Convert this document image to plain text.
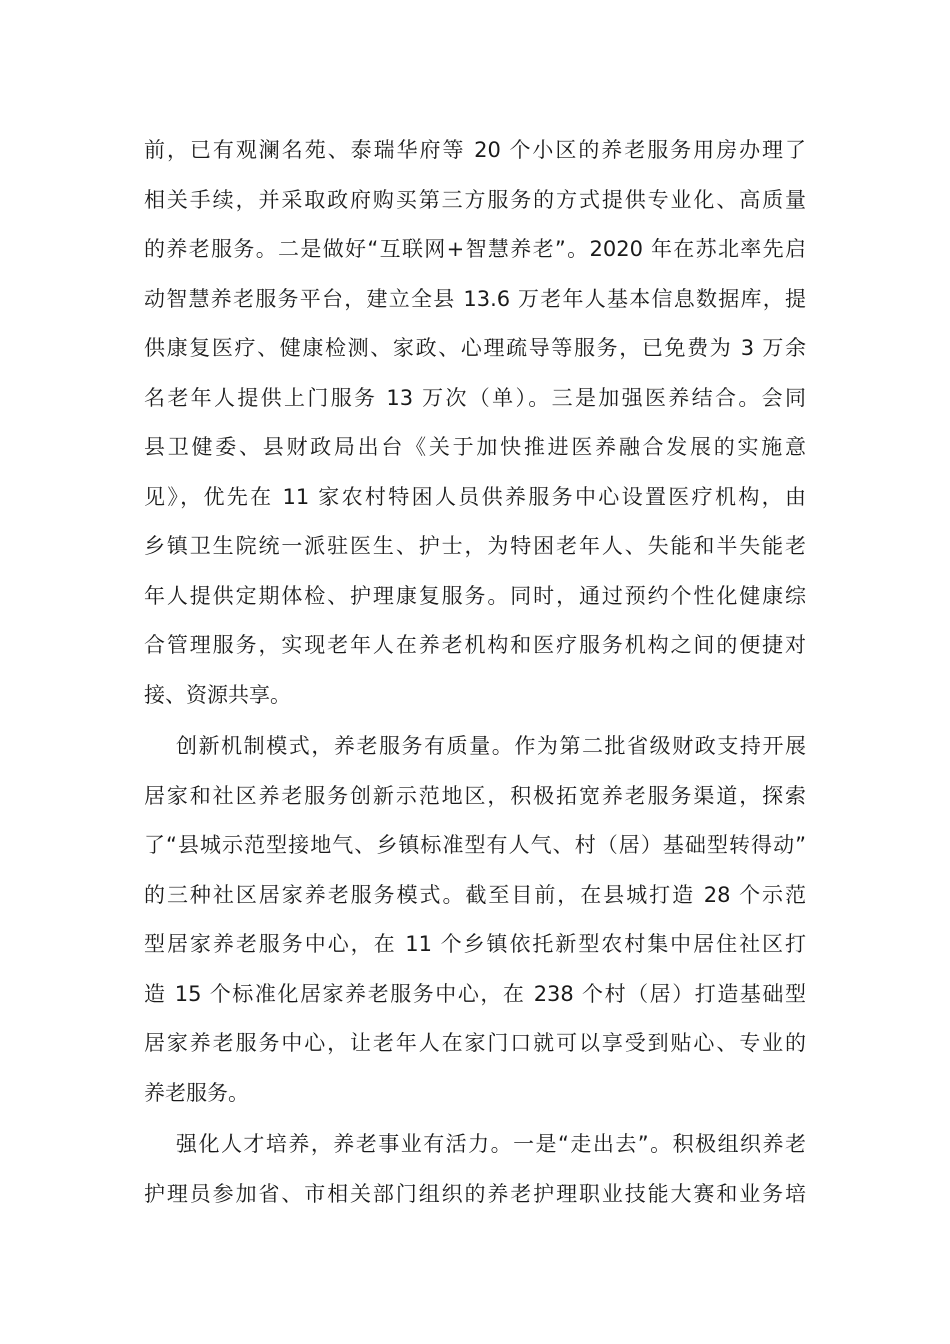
前，已有观澜名苑、泰瑞华府等 20 个小区的养老服务用房办理了
相关手续，并采取政府购买第三方服务的方式提供专业化、高质量
的养老服务。二是做好“互联网+智慧养老”。2020 年在苏北率先启
动智慧养老服务平台，建立全县 13.6 万老年人基本信息数据库，提
供康复医疗、健康检测、家政、心理疏导等服务，已免费为 3 万余
名老年人提供上门服务 13 万次（单）。三是加强医养结合。会同
县卫健委、县财政局出台《关于加快推进医养融合发展的实施意
见》，优先在 11 家农村特困人员供养服务中心设置医疗机构，由
乡镇卫生院统一派驻医生、护士，为特困老年人、失能和半失能老
年人提供定期体检、护理康复服务。同时，通过预约个性化健康综
合管理服务，实现老年人在养老机构和医疗服务机构之间的便捷对
接、资源共享。
创新机制模式，养老服务有质量。作为第二批省级财政支持开展
居家和社区养老服务创新示范地区，积极拓宽养老服务渠道，探索
了“县城示范型接地气、乡镇标准型有人气、村（居）基础型转得动”
的三种社区居家养老服务模式。截至目前，在县城打造 28 个示范
型居家养老服务中心，在 11 个乡镇依托新型农村集中居住社区打
造 15 个标准化居家养老服务中心，在 238 个村（居）打造基础型
居家养老服务中心，让老年人在家门口就可以享受到贴心、专业的
养老服务。
强化人才培养，养老事业有活力。一是“走出去”。积极组织养老
护理员参加省、市相关部门组织的养老护理职业技能大赛和业务培
